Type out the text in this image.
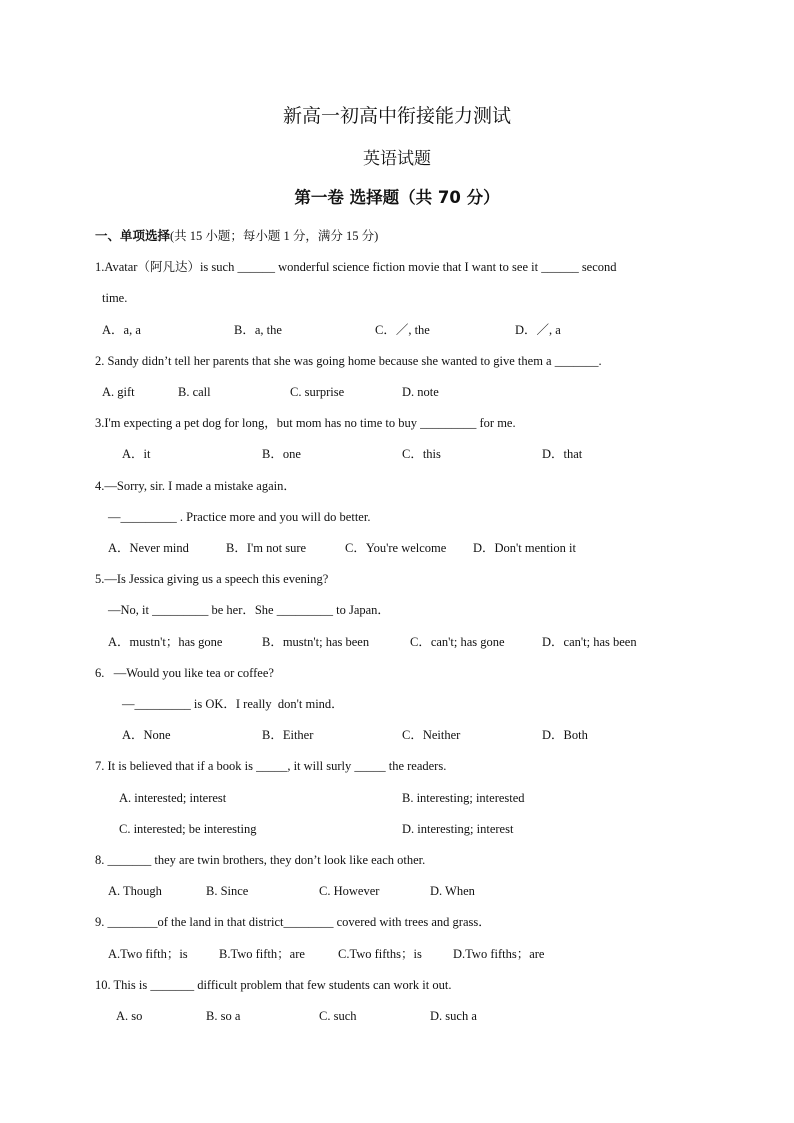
新高一初高中衔接能力测试
英语试题
第一卷 选择题（共 70 分）
一、单项选择(共 15 小题；每小题 1 分，满分 15 分)
1.Avatar（阿凡达）is such ______ wonderful science fiction movie that I want to see it ______ second
time.
A．a, a	B．a, the	C．／, the	D．／, a
2. Sandy didn’t tell her parents that she was going home because she wanted to give them a _______.
A. gift	B. call	C. surprise	D. note
3.I'm expecting a pet dog for long，but mom has no time to buy _________ for me.
A．it	B．one	C．this	D．that
4.—Sorry, sir. I made a mistake again．
—_________ . Practice more and you will do better.
A．Never mind	B．I'm not sure	C．You're welcome D．Don't mention it
5.—Is Jessica giving us a speech this evening?
—No, it _________ be her．She _________ to Japan．
A．mustn't；has gone	B．mustn't; has been	C．can't; has gone	D．can't; has been
6.   —Would you like tea or coffee?
—_________ is OK．I really  don't mind．
A．None	B．Either	C．Neither	D．Both
7. It is believed that if a book is _____, it will surly _____ the readers.
A. interested; interest	B. interesting; interested
C. interested; be interesting	D. interesting; interest
8. _______ they are twin brothers, they don’t look like each other.
A. Though	B. Since	C. However	D. When
9. ________of the land in that district________ covered with trees and grass．
A.Two fifth；is	B.Two fifth；are	C.Two fifths；is D.Two fifths；are
10. This is _______ difficult problem that few students can work it out.
A. so	B. so a	C. such	D. such a
